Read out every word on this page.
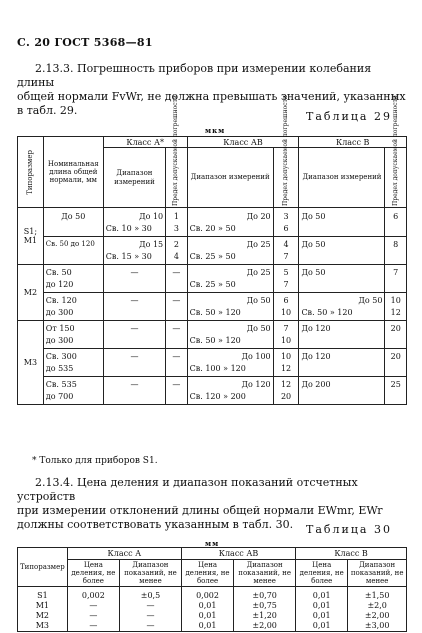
С. 20 ГОСТ 5368—81
2.13.3. Погрешность приборов при измерении колебания длины
общей нормали FvWr, не должна превышать значений, указанных
в табл. 29.	Таблица 29
мкм
Типоразмер	Номинальная длина общей нормали, мм	Класс А*		Класс АВ		Класс В	
		Диапазон измерений	Предел допускаемой погрешности	Диапазон измерений	Предел допускаемой погрешности	Диапазон измерений	Предел допускаемой погрешности

S1; M1	До 50	До 10	1	До 20	3	До 50	6
		Св. 10 » 30	3	Св. 20 » 50	6		
	Св. 50 до 120	До 15	2	До 25	4	До 50	8
		Св. 15 » 30	4	Св. 25 » 50	7		
M2	Св. 50	—	—	До 25	5	До 50	7
	до 120			Св. 25 » 50	7		
	Св. 120	—	—	До 50	6	До 50	10
	до 300			Св. 50 » 120	10	Св. 50 » 120	12
M3	От 150	—	—	До 50	7	До 120	20
	до 300			Св. 50 » 120	10		
	Св. 300	—	—	До 100	10	До 120	20
	до 535			Св. 100 » 120	12		
	Св. 535	—	—	До 120	12	До 200	25
	до 700			Св. 120 » 200	20		
* Только для приборов S1.
2.13.4. Цена деления и диапазон показаний отсчетных устройств
при измерении отклонений длины общей нормали EWmr, EWr
должны соответствовать указанным в табл. 30.	Таблица 30
мм
Типоразмер	Класс А		Класс АВ		Класс В	
	Цена деления, не более	Диапазон показаний, не менее	Цена деления, не более	Диапазон показаний, не менее	Цена деления, не более	Диапазон показаний, не менее
S1	0,002	±0,5	0,002	±0,70	0,01	±1,50
M1	—	—	0,01	±0,75	0,01	±2,0
M2	—	—	0,01	±1,20	0,01	±2,00
M3	—	—	0,01	±2,00	0,01	±3,00
